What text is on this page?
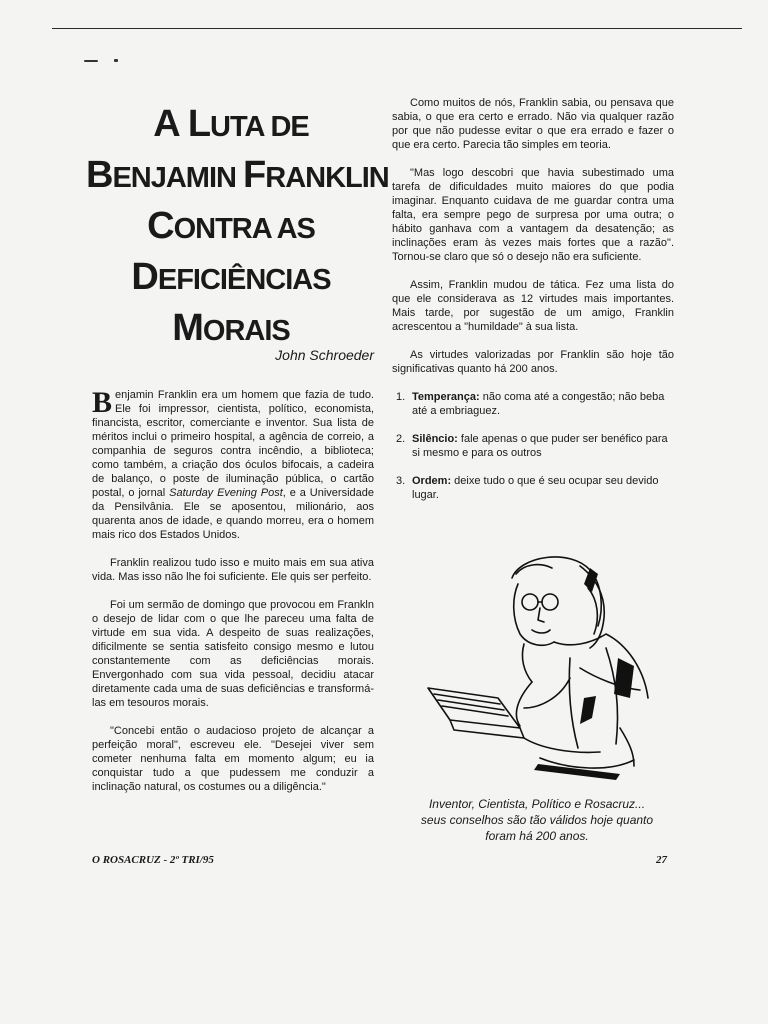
A LUTA DE
BENJAMIN FRANKLIN
CONTRA AS
DEFICIÊNCIAS
MORAIS

John Schroeder

Benjamin Franklin era um homem que fazia de tudo. Ele foi impressor, cientista, político, economista, financista, escritor, comerciante e inventor. Sua lista de méritos inclui o primeiro hospital, a agência de correio, a companhia de seguros contra incêndio, a biblioteca; como também, a criação dos óculos bifocais, a cadeira de balanço, o poste de iluminação pública, o cartão postal, o jornal Saturday Evening Post, e a Universidade da Pensilvânia. Ele se aposentou, milionário, aos quarenta anos de idade, e quando morreu, era o homem mais rico dos Estados Unidos.

Franklin realizou tudo isso e muito mais em sua ativa vida. Mas isso não lhe foi suficiente. Ele quis ser perfeito.

Foi um sermão de domingo que provocou em Frankln o desejo de lidar com o que lhe pareceu uma falta de virtude em sua vida. A despeito de suas realizações, dificilmente se sentia satisfeito consigo mesmo e lutou constantemente com as deficiências morais. Envergonhado com sua vida pessoal, decidiu atacar diretamente cada uma de suas deficiências e transformá-las em tesouros morais.

"Concebi então o audacioso projeto de alcançar a perfeição moral", escreveu ele. "Desejei viver sem cometer nenhuma falta em momento algum; eu ia conquistar tudo a que pudessem me conduzir a inclinação natural, os costumes ou a diligência."

Como muitos de nós, Franklin sabia, ou pensava que sabia, o que era certo e errado. Não via qualquer razão por que não pudesse evitar o que era errado e fazer o que era certo. Parecia tão simples em teoria.

"Mas logo descobri que havia subestimado uma tarefa de dificuldades muito maiores do que podia imaginar. Enquanto cuidava de me guardar contra uma falta, era sempre pego de surpresa por uma outra; o hábito ganhava com a vantagem da desatenção; as inclinações eram às vezes mais fortes que a razão". Tornou-se claro que só o desejo não era suficiente.

Assim, Franklin mudou de tática. Fez uma lista do que ele considerava as 12 virtudes mais importantes. Mais tarde, por sugestão de um amigo, Franklin acrescentou a "humildade" à sua lista.

As virtudes valorizadas por Franklin são hoje tão significativas quanto há 200 anos.

1. Temperança: não coma até a congestão; não beba até a embriaguez.
2. Silêncio: fale apenas o que puder ser benéfico para si mesmo e para os outros
3. Ordem: deixe tudo o que é seu ocupar seu devido lugar.

Inventor, Cientista, Político e Rosacruz...
seus conselhos são tão válidos hoje quanto
foram há 200 anos.

O ROSACRUZ - 2º TRI/95	27
